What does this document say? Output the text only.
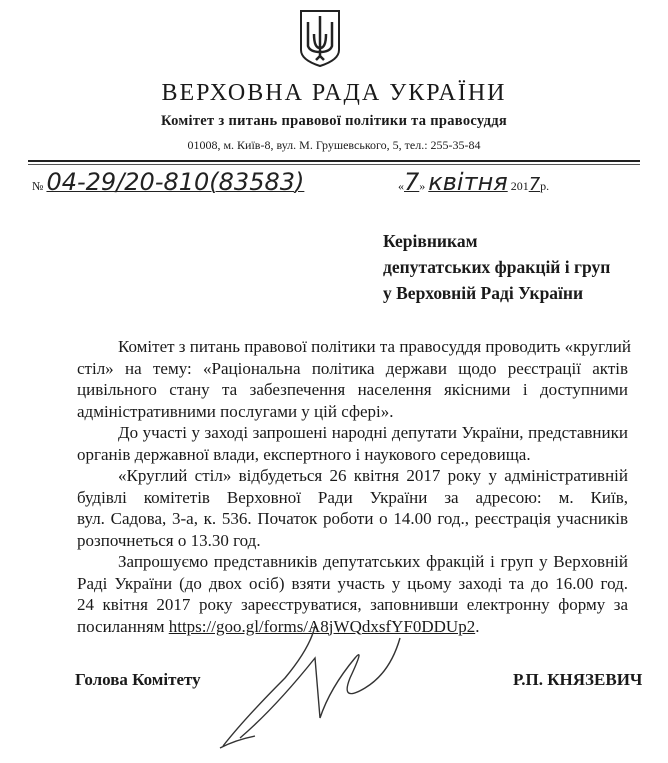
ВЕРХОВНА РАДА УКРАЇНИ
Комітет з питань правової політики та правосуддя
01008, м. Київ-8, вул. М. Грушевського, 5, тел.: 255-35-84
№ 04-29/20-810(83583)	«7» квітня 2017р.
Керівникам
депутатських фракцій і груп
у Верховній Раді України
Комітет з питань правової політики та правосуддя проводить «круглий
стіл» на тему: «Раціональна політика держави щодо реєстрації актів
цивільного стану та забезпечення населення якісними і доступними
адміністративними послугами у цій сфері».
До участі у заході запрошені народні депутати України, представники
органів державної влади, експертного і наукового середовища.
«Круглий стіл» відбудеться 26 квітня 2017 року у адміністративній
будівлі комітетів Верховної Ради України за адресою: м. Київ,
вул. Садова, 3-а, к. 536. Початок роботи о 14.00 год., реєстрація учасників
розпочнеться о 13.30 год.
Запрошуємо представників депутатських фракцій і груп у Верховній
Раді України (до двох осіб) взяти участь у цьому заході та до 16.00 год.
24 квітня 2017 року зареєструватися, заповнивши електронну форму за
посиланням https://goo.gl/forms/A8jWQdxsfYF0DDUp2.
Голова Комітету	Р.П. КНЯЗЕВИЧ
